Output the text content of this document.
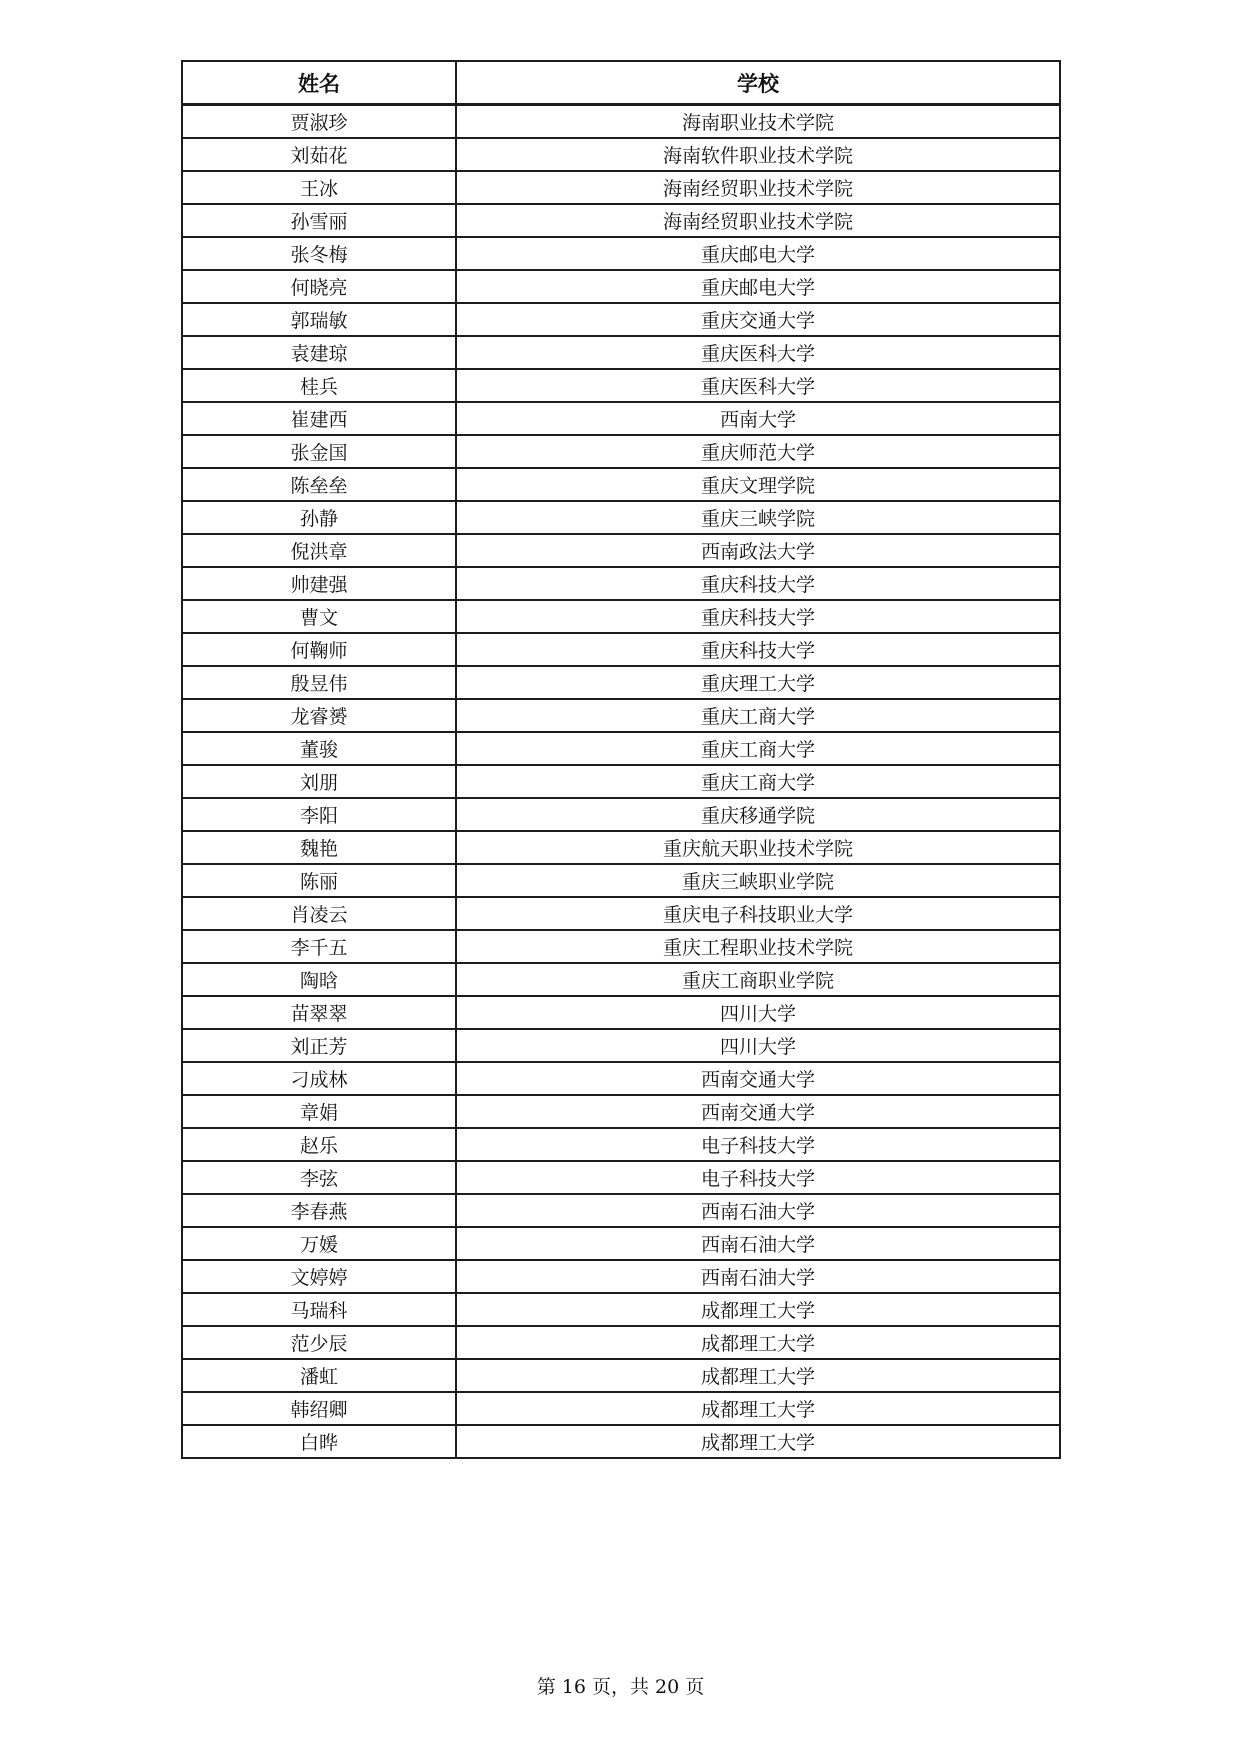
姓名	学校
贾淑珍	海南职业技术学院
刘茹花	海南软件职业技术学院
王冰	海南经贸职业技术学院
孙雪丽	海南经贸职业技术学院
张冬梅	重庆邮电大学
何晓亮	重庆邮电大学
郭瑞敏	重庆交通大学
袁建琼	重庆医科大学
桂兵	重庆医科大学
崔建西	西南大学
张金国	重庆师范大学
陈垒垒	重庆文理学院
孙静	重庆三峡学院
倪洪章	西南政法大学
帅建强	重庆科技大学
曹文	重庆科技大学
何鞠师	重庆科技大学
殷昱伟	重庆理工大学
龙睿赟	重庆工商大学
董骏	重庆工商大学
刘朋	重庆工商大学
李阳	重庆移通学院
魏艳	重庆航天职业技术学院
陈丽	重庆三峡职业学院
肖凌云	重庆电子科技职业大学
李千五	重庆工程职业技术学院
陶晗	重庆工商职业学院
苗翠翠	四川大学
刘正芳	四川大学
刁成林	西南交通大学
章娟	西南交通大学
赵乐	电子科技大学
李弦	电子科技大学
李春燕	西南石油大学
万媛	西南石油大学
文婷婷	西南石油大学
马瑞科	成都理工大学
范少辰	成都理工大学
潘虹	成都理工大学
韩绍卿	成都理工大学
白晔	成都理工大学
第 16 页，共 20 页
